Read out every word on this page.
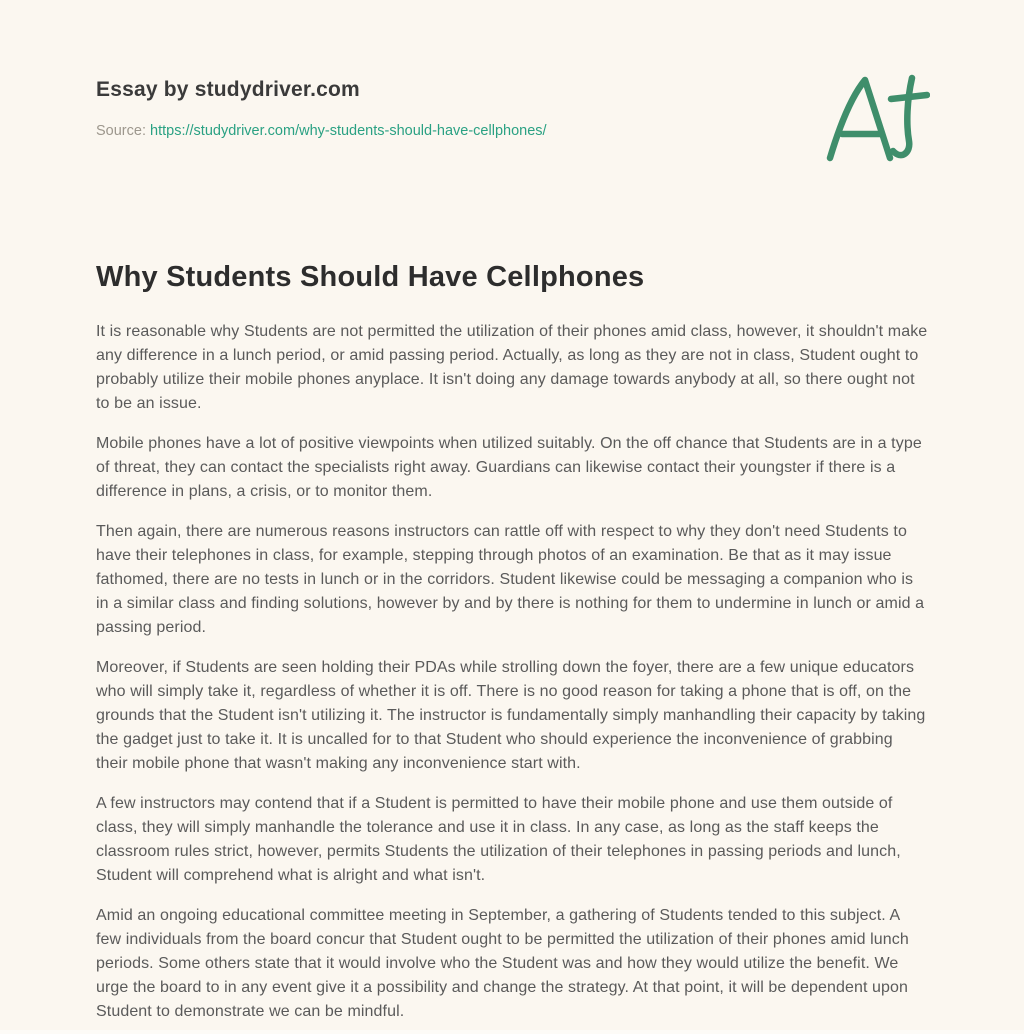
Essay by studydriver.com
Source: https://studydriver.com/why-students-should-have-cellphones/
Why Students Should Have Cellphones

It is reasonable why Students are not permitted the utilization of their phones amid class, however, it shouldn't make any difference in a lunch period, or amid passing period. Actually, as long as they are not in class, Student ought to probably utilize their mobile phones anyplace. It isn't doing any damage towards anybody at all, so there ought not to be an issue.

Mobile phones have a lot of positive viewpoints when utilized suitably. On the off chance that Students are in a type of threat, they can contact the specialists right away. Guardians can likewise contact their youngster if there is a difference in plans, a crisis, or to monitor them.

Then again, there are numerous reasons instructors can rattle off with respect to why they don't need Students to have their telephones in class, for example, stepping through photos of an examination. Be that as it may issue fathomed, there are no tests in lunch or in the corridors. Student likewise could be messaging a companion who is in a similar class and finding solutions, however by and by there is nothing for them to undermine in lunch or amid a passing period.

Moreover, if Students are seen holding their PDAs while strolling down the foyer, there are a few unique educators who will simply take it, regardless of whether it is off. There is no good reason for taking a phone that is off, on the grounds that the Student isn't utilizing it. The instructor is fundamentally simply manhandling their capacity by taking the gadget just to take it. It is uncalled for to that Student who should experience the inconvenience of grabbing their mobile phone that wasn't making any inconvenience start with.

A few instructors may contend that if a Student is permitted to have their mobile phone and use them outside of class, they will simply manhandle the tolerance and use it in class. In any case, as long as the staff keeps the classroom rules strict, however, permits Students the utilization of their telephones in passing periods and lunch, Student will comprehend what is alright and what isn't.

Amid an ongoing educational committee meeting in September, a gathering of Students tended to this subject. A few individuals from the board concur that Student ought to be permitted the utilization of their phones amid lunch periods. Some others state that it would involve who the Student was and how they would utilize the benefit. We urge the board to in any event give it a possibility and change the strategy. At that point, it will be dependent upon Student to demonstrate we can be mindful.
